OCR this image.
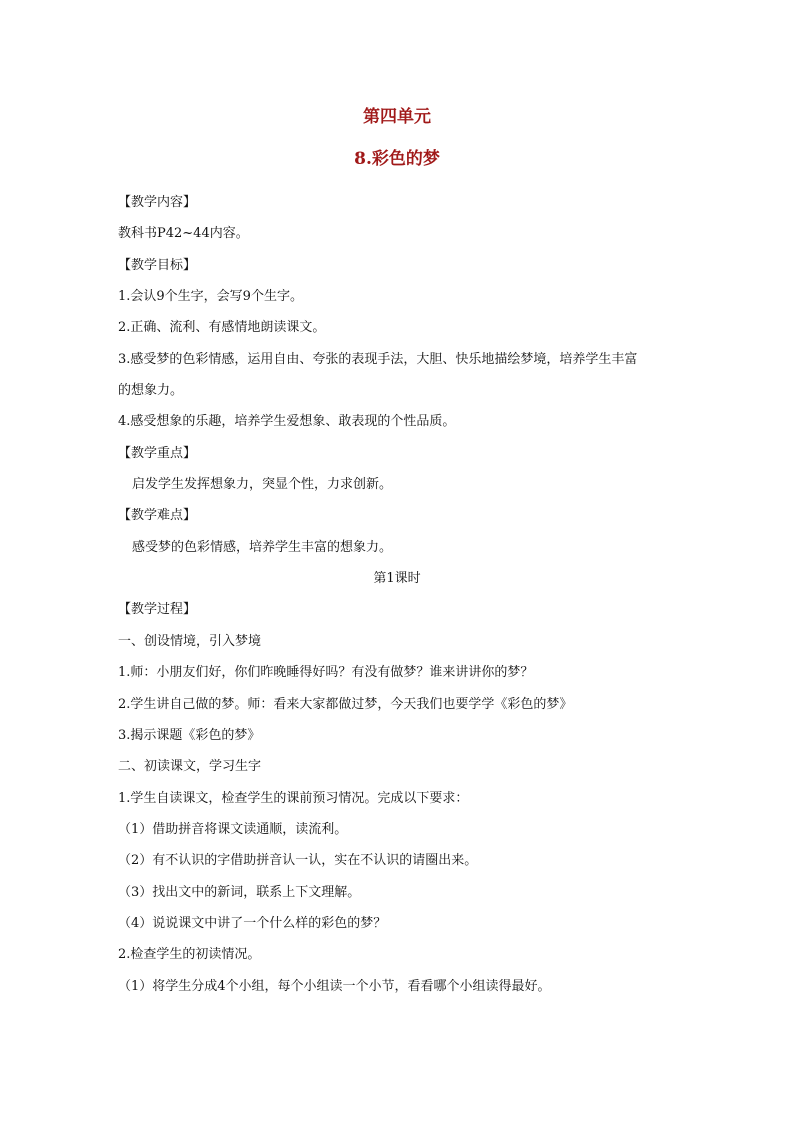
第四单元
8.彩色的梦
【教学内容】
教科书P42~44内容。
【教学目标】
1.会认9个生字，会写9个生字。
2.正确、流利、有感情地朗读课文。
3.感受梦的色彩情感，运用自由、夸张的表现手法，大胆、快乐地描绘梦境，培养学生丰富
的想象力。
4.感受想象的乐趣，培养学生爱想象、敢表现的个性品质。
【教学重点】
启发学生发挥想象力，突显个性，力求创新。
【教学难点】
感受梦的色彩情感，培养学生丰富的想象力。
第1课时
【教学过程】
一、创设情境，引入梦境
1.师：小朋友们好，你们昨晚睡得好吗？有没有做梦？谁来讲讲你的梦？
2.学生讲自己做的梦。师：看来大家都做过梦，今天我们也要学学《彩色的梦》
3.揭示课题《彩色的梦》
二、初读课文，学习生字
1.学生自读课文，检查学生的课前预习情况。完成以下要求：
（1）借助拼音将课文读通顺，读流利。
（2）有不认识的字借助拼音认一认，实在不认识的请圈出来。
（3）找出文中的新词，联系上下文理解。
（4）说说课文中讲了一个什么样的彩色的梦？
2.检查学生的初读情况。
（1）将学生分成4个小组，每个小组读一个小节，看看哪个小组读得最好。
